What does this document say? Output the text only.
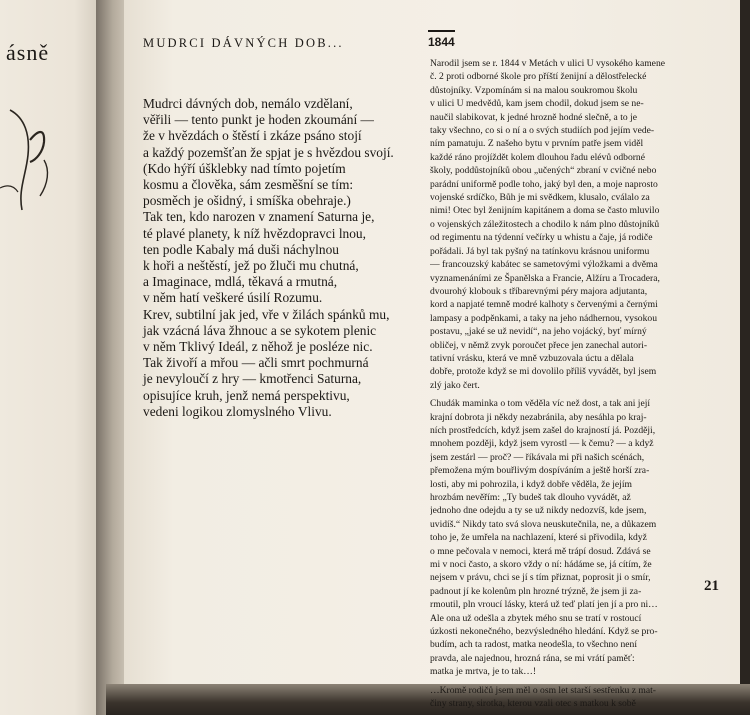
ásně	MUDRCI DÁVNÝCH DOB...	1844
Mudrci dávných dob, nemálo vzdělaní,
věřili — tento punkt je hoden zkoumání —
že v hvězdách o štěstí i zkáze psáno stojí
a každý pozemšťan že spjat je s hvězdou svojí.
(Kdo hýří úšklebky nad tímto pojetím
kosmu a člověka, sám zesměšní se tím:
posměch je ošidný, i smíška obehraje.)
Tak ten, kdo narozen v znamení Saturna je,
té plavé planety, k níž hvězdopravci lnou,
ten podle Kabaly má duši náchylnou
k hoři a neštěstí, jež po žluči mu chutná,
a Imaginace, mdlá, těkavá a rmutná,
v něm hatí veškeré úsilí Rozumu.
Krev, subtilní jak jed, vře v žilách spánků mu,
jak vzácná láva žhnouc a se sykotem plenic
v něm Tklivý Ideál, z něhož je posléze nic.
Tak živoří a mřou — ačli smrt pochmurná
je nevyloučí z hry — kmotřenci Saturna,
opisujíce kruh, jenž nemá perspektivu,
vedeni logikou zlomyslného Vlivu.
Narodil jsem se r. 1844 v Metách v ulici U vysokého kamene
č. 2 proti odborné škole pro příští ženijní a dělostřelecké
důstojníky. Vzpomínám si na malou soukromou školu
v ulici U medvědů, kam jsem chodil, dokud jsem se ne-
naučil slabikovat, k jedné hrozně hodné slečně, a to je
taky všechno, co si o ní a o svých studiích pod jejím vede-
ním pamatuju. Z našeho bytu v prvním patře jsem viděl
každé ráno projíždět kolem dlouhou řadu elévů odborné
školy, poddůstojníků obou „učených“ zbraní v cvičné nebo
parádní uniformě podle toho, jaký byl den, a moje naprosto
vojenské srdíčko, Bůh je mi svědkem, klusalo, cválalo za
nimi! Otec byl ženijním kapitánem a doma se často mluvilo
o vojenských záležitostech a chodilo k nám plno důstojníků
od regimentu na týdenní večírky u whistu a čaje, já rodiče
pořádali. Já byl tak pyšný na tatínkovu krásnou uniformu
— francouzský kabátec se sametovými výložkami a dvěma
vyznamenáními ze Španělska a Francie, Alžíru a Trocadera,
dvourohý klobouk s tříbarevnými péry majora adjutanta,
kord a napjaté temně modré kalhoty s červenými a černými
lampasy a podpěnkami, a taky na jeho nádhernou, vysokou
postavu, „jaké se už nevidí“, na jeho vojácký, byť mírný
obličej, v němž zvyk poroučet přece jen zanechal autori-
tativní vrásku, která ve mně vzbuzovala úctu a dělala
dobře, protože když se mi dovolilo příliš vyvádět, byl jsem
zlý jako čert.
Chudák maminka o tom věděla víc než dost, a tak ani její
krajní dobrota ji někdy nezabránila, aby nesáhla po kraj-
ních prostředcích, když jsem zašel do krajností já. Později,
mnohem později, když jsem vyrostl — k čemu? — a když
jsem zestárl — proč? — říkávala mi při našich scénách,
přemožena mým bouřlivým dospíváním a ještě horší zra-
losti, aby mi pohrozila, i když dobře věděla, že jejím
hrozbám nevěřím: „Ty budeš tak dlouho vyvádět, až
jednoho dne odejdu a ty se už nikdy nedozvíš, kde jsem,
uvidíš.“ Nikdy tato svá slova neuskutečnila, ne, a důkazem
toho je, že umřela na nachlazení, které si přivodila, když
o mne pečovala v nemoci, která mě trápí dosud. Zdává se
mi v noci často, a skoro vždy o ní: hádáme se, já cítím, že
nejsem v právu, chci se jí s tím přiznat, poprosit ji o smír,
padnout jí ke kolenům pln hrozné trýzně, že jsem ji za-
rmoutil, pln vroucí lásky, která už teď platí jen jí a pro ni…
Ale ona už odešla a zbytek mého snu se tratí v rostoucí
úzkosti nekonečného, bezvýsledného hledání. Když se pro-
budím, ach ta radost, matka neodešla, to všechno není
pravda, ale najednou, hrozná rána, se mi vrátí paměť:
matka je mrtva, je to tak…!
…Kromě rodičů jsem měl o osm let starší sestřenku z mat-
činy strany, sirotka, kterou vzali otec s matkou k sobě
21
